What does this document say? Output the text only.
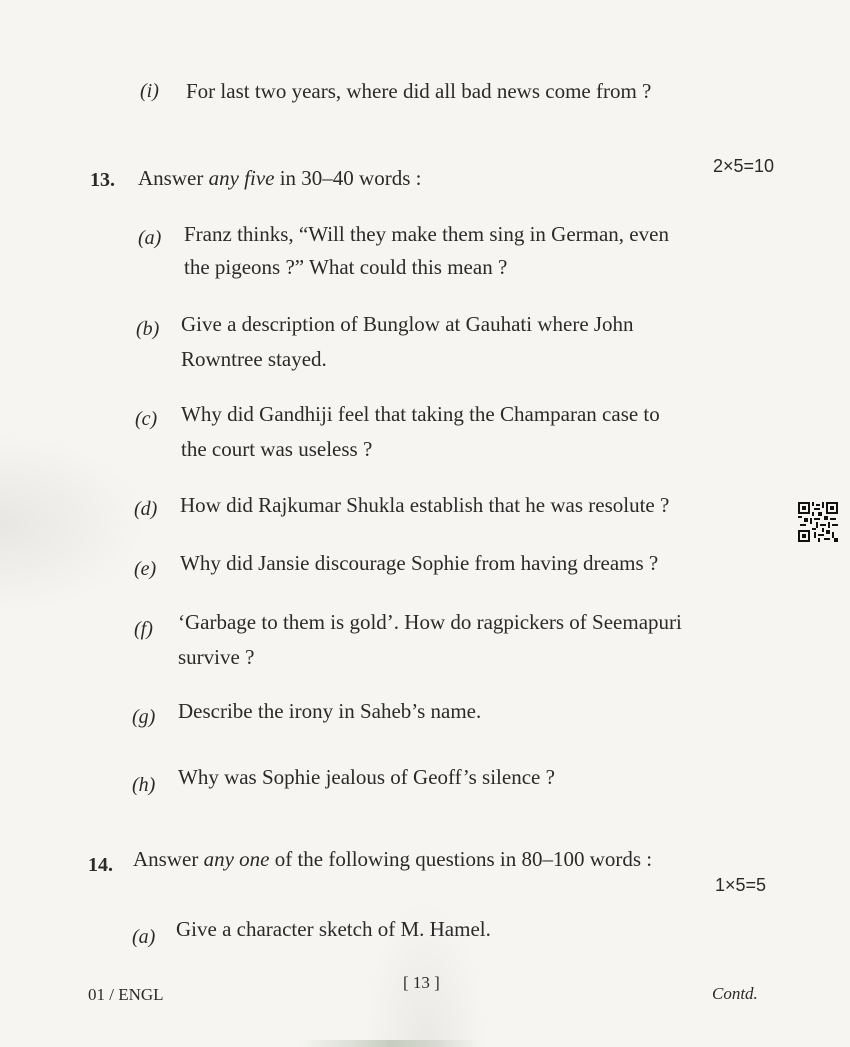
(i) For last two years, where did all bad news come from ?
13. Answer any five in 30–40 words :	2×5=10
(a) Franz thinks, “Will they make them sing in German, even
the pigeons ?” What could this mean ?
(b) Give a description of Bunglow at Gauhati where John
Rowntree stayed.
(c) Why did Gandhiji feel that taking the Champaran case to
the court was useless ?
(d) How did Rajkumar Shukla establish that he was resolute ?
(e) Why did Jansie discourage Sophie from having dreams ?
(f) ‘Garbage to them is gold’. How do ragpickers of Seemapuri
survive ?
(g) Describe the irony in Saheb’s name.
(h) Why was Sophie jealous of Geoff’s silence ?
14. Answer any one of the following questions in 80–100 words :
1×5=5
(a) Give a character sketch of M. Hamel.
01 / ENGL
[ 13 ]
Contd.
